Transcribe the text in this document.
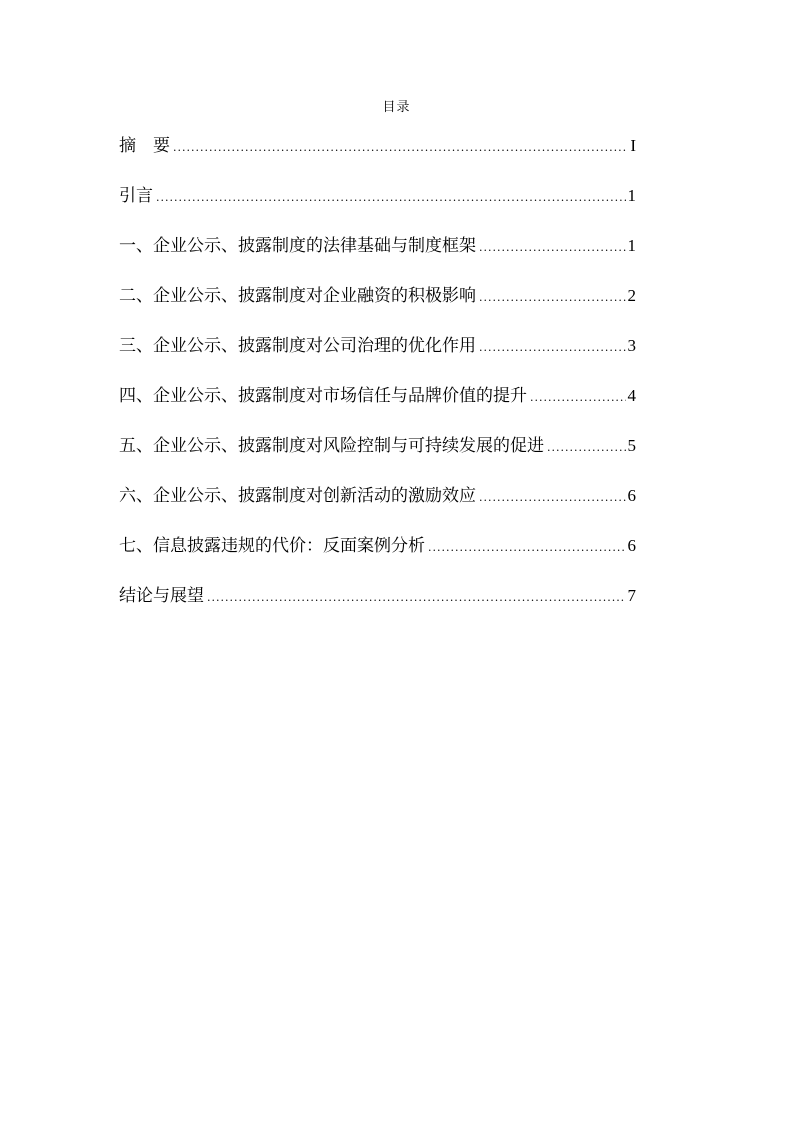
目录
摘　要 .....	I
引言 .....	1
一、企业公示、披露制度的法律基础与制度框架 .....	1
二、企业公示、披露制度对企业融资的积极影响 .....	2
三、企业公示、披露制度对公司治理的优化作用 .....	3
四、企业公示、披露制度对市场信任与品牌价值的提升 .....	4
五、企业公示、披露制度对风险控制与可持续发展的促进 .....	5
六、企业公示、披露制度对创新活动的激励效应 .....	6
七、信息披露违规的代价：反面案例分析 .....	6
结论与展望 .....	7
